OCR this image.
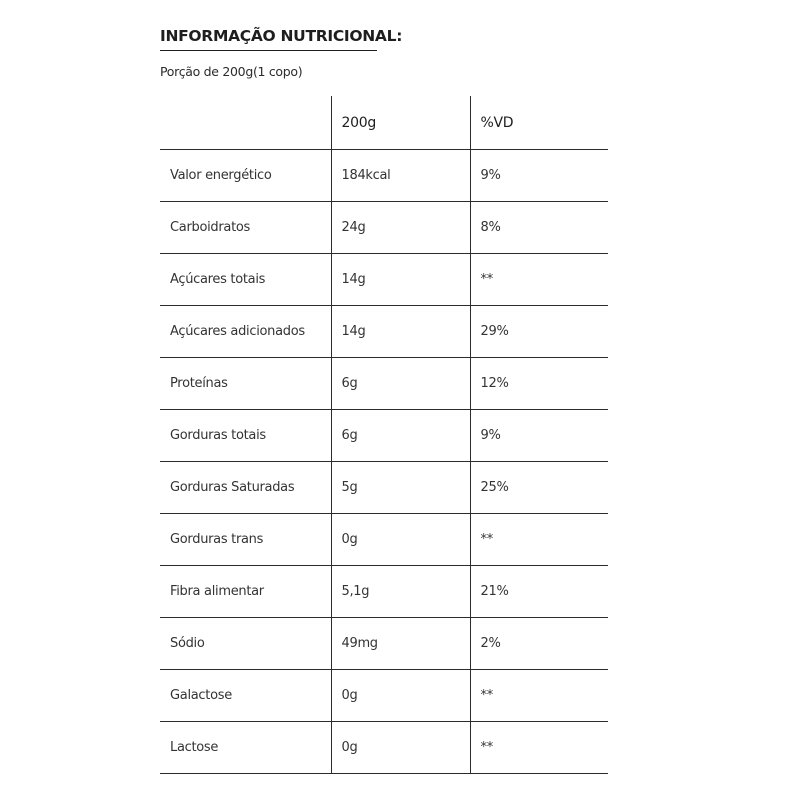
INFORMAÇÃO NUTRICIONAL:
Porção de 200g(1 copo)
	200g	%VD
Valor energético	184kcal	9%
Carboidratos	24g	8%
Açúcares totais	14g	**
Açúcares adicionados	14g	29%
Proteínas	6g	12%
Gorduras totais	6g	9%
Gorduras Saturadas	5g	25%
Gorduras trans	0g	**
Fibra alimentar	5,1g	21%
Sódio	49mg	2%
Galactose	0g	**
Lactose	0g	**
